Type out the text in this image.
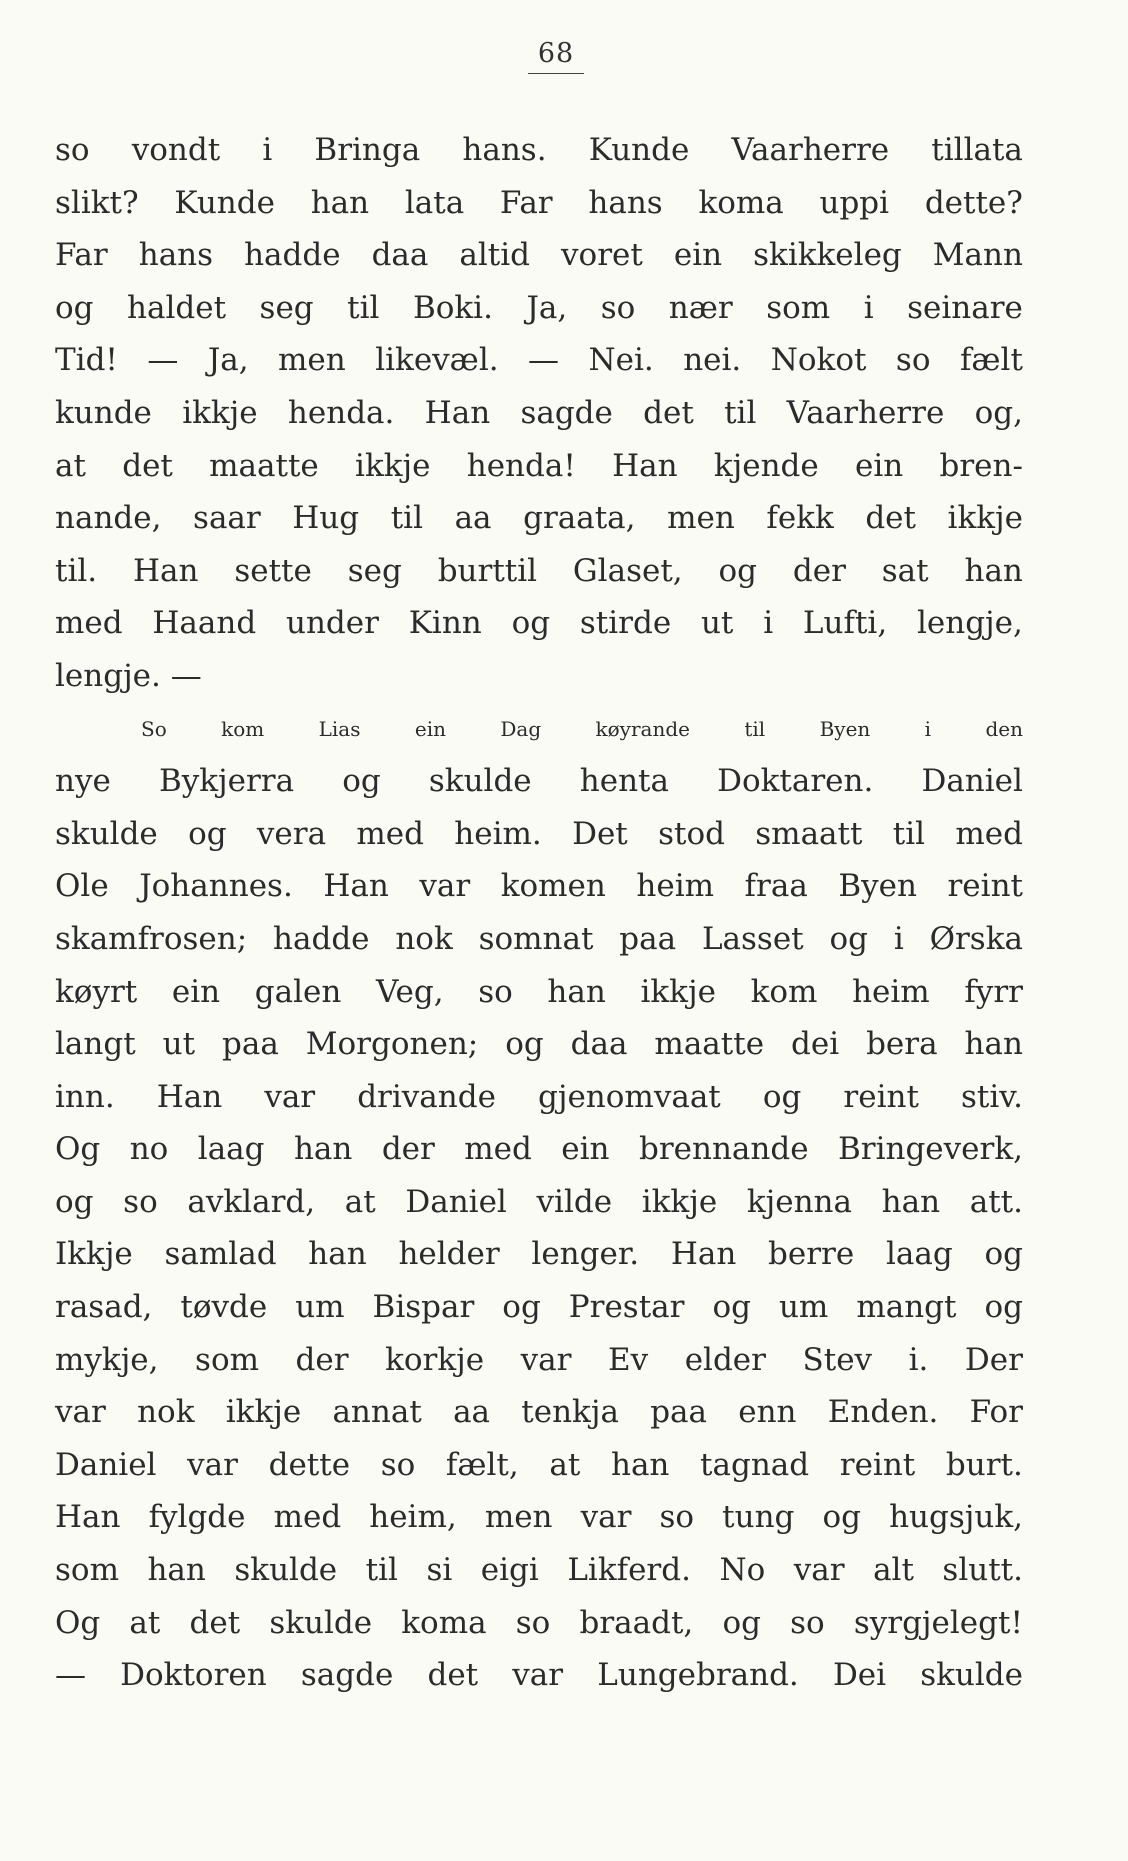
68
so vondt i Bringa hans. Kunde Vaarherre tillata
slikt? Kunde han lata Far hans koma uppi dette?
Far hans hadde daa altid voret ein skikkeleg Mann
og haldet seg til Boki. Ja, so nær som i seinare
Tid! — Ja, men likevæl. — Nei. nei. Nokot so fælt
kunde ikkje henda. Han sagde det til Vaarherre og,
at det maatte ikkje henda! Han kjende ein bren-
nande, saar Hug til aa graata, men fekk det ikkje
til. Han sette seg burttil Glaset, og der sat han
med Haand under Kinn og stirde ut i Lufti, lengje,
lengje. —
So	kom	Lias	ein	Dag	køyrande	til	Byen	i	den
nye Bykjerra og skulde henta Doktaren. Daniel
skulde og vera med heim. Det stod smaatt til med
Ole Johannes. Han var komen heim fraa Byen reint
skamfrosen; hadde nok somnat paa Lasset og i Ørska
køyrt ein galen Veg, so han ikkje kom heim fyrr
langt ut paa Morgonen; og daa maatte dei bera han
inn. Han var drivande gjenomvaat og reint stiv.
Og no laag han der med ein brennande Bringeverk,
og so avklard, at Daniel vilde ikkje kjenna han att.
Ikkje samlad han helder lenger. Han berre laag og
rasad, tøvde um Bispar og Prestar og um mangt og
mykje, som der korkje var Ev elder Stev i. Der
var nok ikkje annat aa tenkja paa enn Enden. For
Daniel var dette so fælt, at han tagnad reint burt.
Han fylgde med heim, men var so tung og hugsjuk,
som han skulde til si eigi Likferd. No var alt slutt.
Og at det skulde koma so braadt, og so syrgjelegt!
— Doktoren sagde det var Lungebrand. Dei skulde
